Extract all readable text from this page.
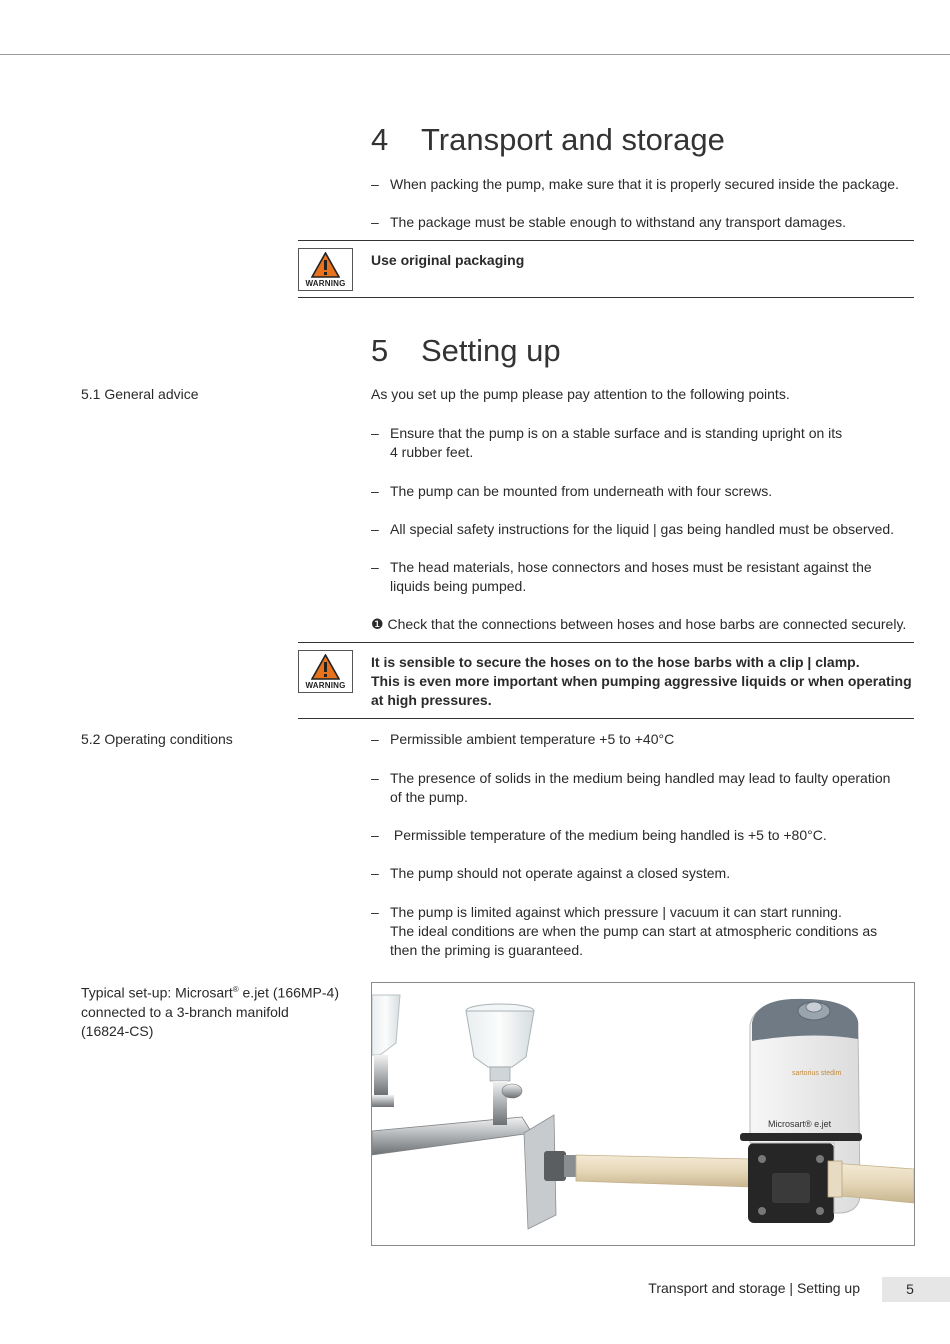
4 Transport and storage
– When packing the pump, make sure that it is properly secured inside the package.
– The package must be stable enough to withstand any transport damages.
WARNING
Use original packaging
5 Setting up
5.1 General advice	As you set up the pump please pay attention to the following points.
– Ensure that the pump is on a stable surface and is standing upright on its
4 rubber feet.
– The pump can be mounted from underneath with four screws.
– All special safety instructions for the liquid | gas being handled must be observed.
– The head materials, hose connectors and hoses must be resistant against the
liquids being pumped.
❶ Check that the connections between hoses and hose barbs are connected securely.
WARNING
It is sensible to secure the hoses on to the hose barbs with a clip | clamp.
This is even more important when pumping aggressive liquids or when operating
at high pressures.
5.2 Operating conditions	– Permissible ambient temperature +5 to +40°C
– The presence of solids in the medium being handled may lead to faulty operation
of the pump.
– Permissible temperature of the medium being handled is +5 to +80°C.
– The pump should not operate against a closed system.
– The pump is limited against which pressure | vacuum it can start running.
The ideal conditions are when the pump can start at atmospheric conditions as
then the priming is guaranteed.
Typical set-up: Microsart® e.jet (166MP-4)
connected to a 3-branch manifold
(16824-CS)
sartorius stedim
Microsart® e.jet
Transport and storage | Setting up	5
